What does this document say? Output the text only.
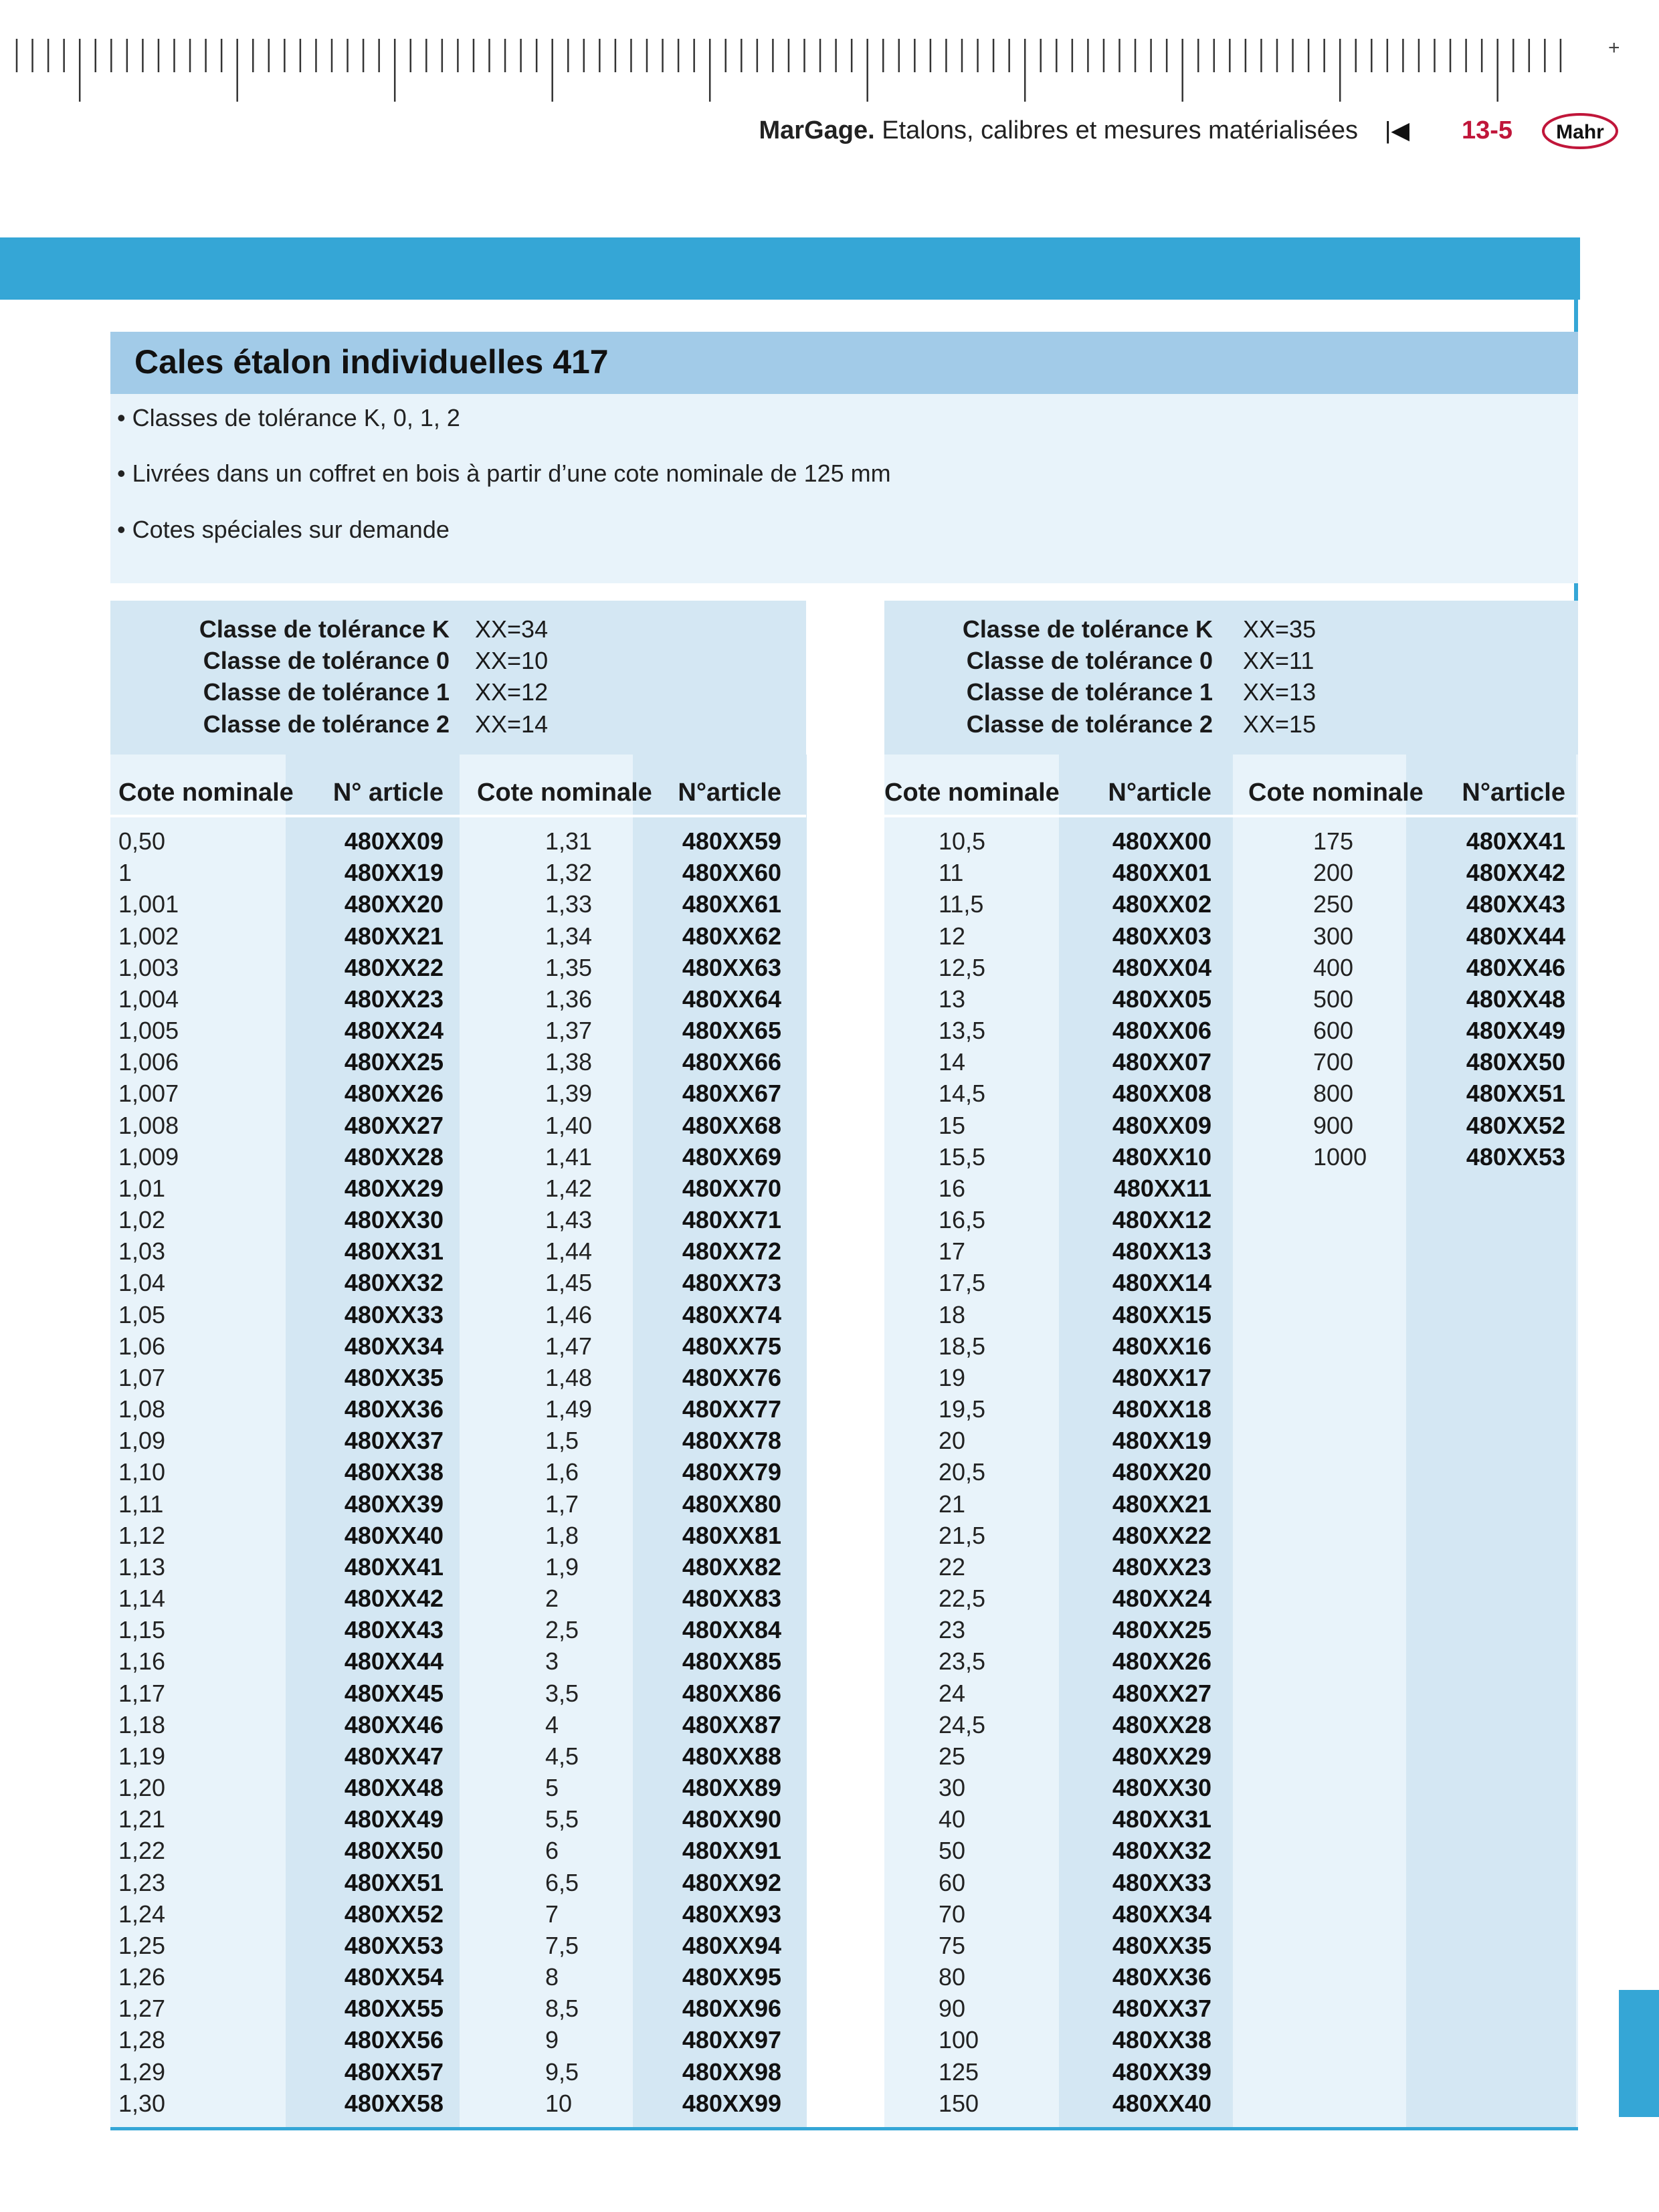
+
MarGage. Etalons, calibres et mesures matérialisées |◀ 13-5 Mahr
Cales étalon individuelles 417
• Classes de tolérance K, 0, 1, 2
• Livrées dans un coffret en bois à partir d’une cote nominale de 125 mm
• Cotes spéciales sur demande
Classe de tolérance K XX=34
Classe de tolérance 0 XX=10
Classe de tolérance 1 XX=12
Classe de tolérance 2 XX=14
Cote nominale	N° article
0,50	480XX09
1	480XX19
1,001	480XX20
1,002	480XX21
1,003	480XX22
1,004	480XX23
1,005	480XX24
1,006	480XX25
1,007	480XX26
1,008	480XX27
1,009	480XX28
1,01	480XX29
1,02	480XX30
1,03	480XX31
1,04	480XX32
1,05	480XX33
1,06	480XX34
1,07	480XX35
1,08	480XX36
1,09	480XX37
1,10	480XX38
1,11	480XX39
1,12	480XX40
1,13	480XX41
1,14	480XX42
1,15	480XX43
1,16	480XX44
1,17	480XX45
1,18	480XX46
1,19	480XX47
1,20	480XX48
1,21	480XX49
1,22	480XX50
1,23	480XX51
1,24	480XX52
1,25	480XX53
1,26	480XX54
1,27	480XX55
1,28	480XX56
1,29	480XX57
1,30	480XX58
Cote nominale	N°article
1,31	480XX59
1,32	480XX60
1,33	480XX61
1,34	480XX62
1,35	480XX63
1,36	480XX64
1,37	480XX65
1,38	480XX66
1,39	480XX67
1,40	480XX68
1,41	480XX69
1,42	480XX70
1,43	480XX71
1,44	480XX72
1,45	480XX73
1,46	480XX74
1,47	480XX75
1,48	480XX76
1,49	480XX77
1,5	480XX78
1,6	480XX79
1,7	480XX80
1,8	480XX81
1,9	480XX82
2	480XX83
2,5	480XX84
3	480XX85
3,5	480XX86
4	480XX87
4,5	480XX88
5	480XX89
5,5	480XX90
6	480XX91
6,5	480XX92
7	480XX93
7,5	480XX94
8	480XX95
8,5	480XX96
9	480XX97
9,5	480XX98
10	480XX99
Classe de tolérance K XX=35
Classe de tolérance 0 XX=11
Classe de tolérance 1 XX=13
Classe de tolérance 2 XX=15
Cote nominale	N°article
10,5	480XX00
11	480XX01
11,5	480XX02
12	480XX03
12,5	480XX04
13	480XX05
13,5	480XX06
14	480XX07
14,5	480XX08
15	480XX09
15,5	480XX10
16	480XX11
16,5	480XX12
17	480XX13
17,5	480XX14
18	480XX15
18,5	480XX16
19	480XX17
19,5	480XX18
20	480XX19
20,5	480XX20
21	480XX21
21,5	480XX22
22	480XX23
22,5	480XX24
23	480XX25
23,5	480XX26
24	480XX27
24,5	480XX28
25	480XX29
30	480XX30
40	480XX31
50	480XX32
60	480XX33
70	480XX34
75	480XX35
80	480XX36
90	480XX37
100	480XX38
125	480XX39
150	480XX40
Cote nominale	N°article
175	480XX41
200	480XX42
250	480XX43
300	480XX44
400	480XX46
500	480XX48
600	480XX49
700	480XX50
800	480XX51
900	480XX52
1000	480XX53
